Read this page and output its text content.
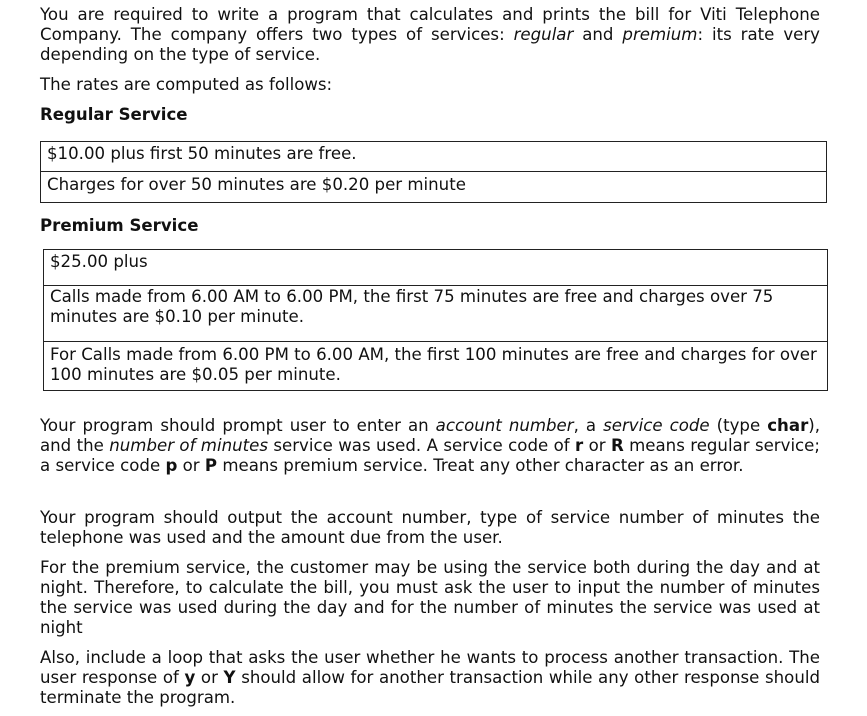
You are required to write a program that calculates and prints the bill for Viti Telephone Company. The company offers two types of services: regular and premium: its rate very depending on the type of service.

The rates are computed as follows:

Regular Service

$10.00 plus first 50 minutes are free.
Charges for over 50 minutes are $0.20 per minute

Premium Service

$25.00 plus
Calls made from 6.00 AM to 6.00 PM, the first 75 minutes are free and charges over 75 minutes are $0.10 per minute.
For Calls made from 6.00 PM to 6.00 AM, the first 100 minutes are free and charges for over 100 minutes are $0.05 per minute.

Your program should prompt user to enter an account number, a service code (type char), and the number of minutes service was used. A service code of r or R means regular service; a service code p or P means premium service. Treat any other character as an error.

Your program should output the account number, type of service number of minutes the telephone was used and the amount due from the user.

For the premium service, the customer may be using the service both during the day and at night. Therefore, to calculate the bill, you must ask the user to input the number of minutes the service was used during the day and for the number of minutes the service was used at night

Also, include a loop that asks the user whether he wants to process another transaction. The user response of y or Y should allow for another transaction while any other response should terminate the program.
